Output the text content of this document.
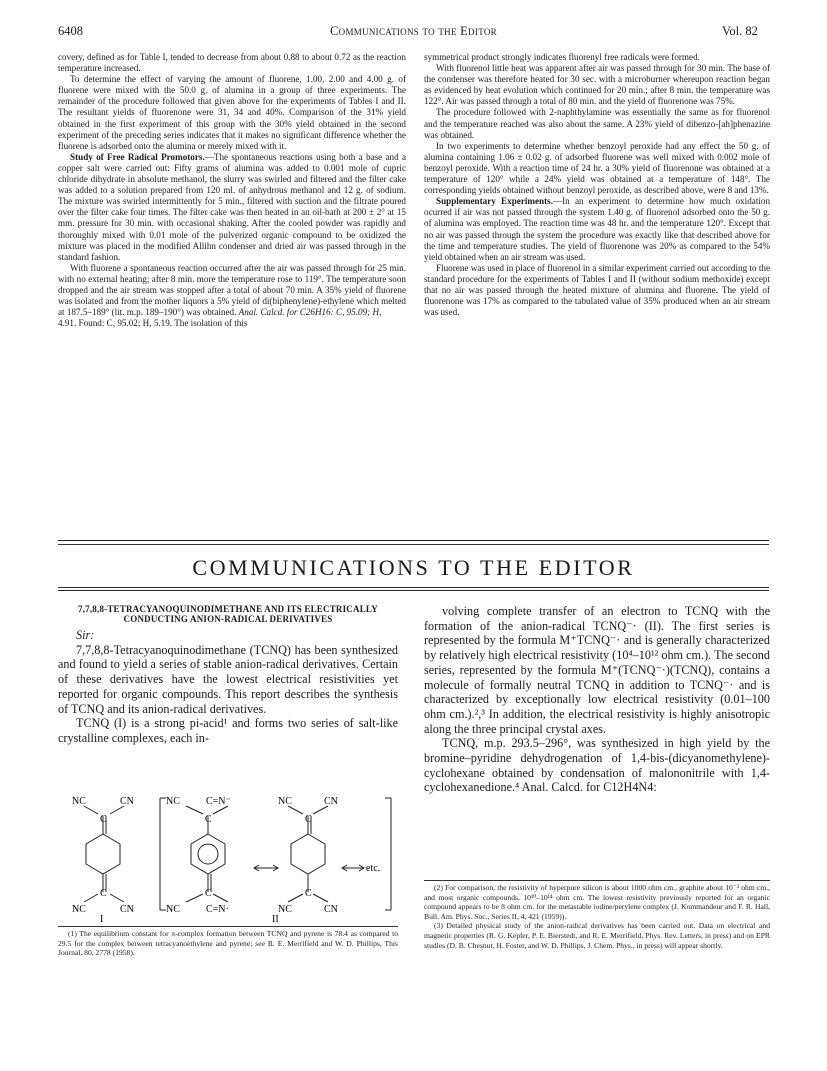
6408	Communications to the Editor	Vol. 82

covery, defined as for Table I, tended to decrease from about 0.88 to about 0.72 as the reaction temperature increased.

To determine the effect of varying the amount of fluorene, 1.00, 2.00 and 4.00 g. of fluorene were mixed with the 50.0 g. of alumina in a group of three experiments. The remainder of the procedure followed that given above for the experiments of Tables I and II. The resultant yields of fluorenone were 31, 34 and 40%. Comparison of the 31% yield obtained in the first experiment of this group with the 30% yield obtained in the second experiment of the preceding series indicates that it makes no significant difference whether the fluorene is adsorbed onto the alumina or merely mixed with it.

Study of Free Radical Promotors.—The spontaneous reactions using both a base and a copper salt were carried out: Fifty grams of alumina was added to 0.001 mole of cupric chloride dihydrate in absolute methanol, the slurry was swirled and filtered and the filter cake was added to a solution prepared from 120 ml. of anhydrous methanol and 12 g. of sodium. The mixture was swirled intermittently for 5 min., filtered with suction and the filtrate poured over the filter cake four times. The filter cake was then heated in an oil-bath at 200 ± 2° at 15 mm. pressure for 30 min. with occasional shaking. After the cooled powder was rapidly and thoroughly mixed with 0.01 mole of the pulverized organic compound to be oxidized the mixture was placed in the modified Allihn condenser and dried air was passed through in the standard fashion.

With fluorene a spontaneous reaction occurred after the air was passed through for 25 min. with no external heating; after 8 min. more the temperature rose to 119°. The temperature soon dropped and the air stream was stopped after a total of about 70 min. A 35% yield of fluorene was isolated and from the mother liquors a 5% yield of di(biphenylene)-ethylene which melted at 187.5–189° (lit. m.p. 189–190°) was obtained. Anal. Calcd. for C26H16: C, 95.09; H,

4.91. Found: C, 95.02; H, 5.19. The isolation of this

symmetrical product strongly indicates fluorenyl free radicals were formed.

With fluorenol little heat was apparent after air was passed through for 30 min. The base of the condenser was therefore heated for 30 sec. with a microburner whereupon reaction began as evidenced by heat evolution which continued for 20 min.; after 8 min. the temperature was 122°. Air was passed through a total of 80 min. and the yield of fluorenone was 75%.

The procedure followed with 2-naphthylamine was essentially the same as for fluorenol and the temperature reached was also about the same. A 23% yield of dibenzo-[ah]phenazine was obtained.

In two experiments to determine whether benzoyl peroxide had any effect the 50 g. of alumina containing 1.06 ± 0.02 g. of adsorbed fluorene was well mixed with 0.002 mole of benzoyl peroxide. With a reaction time of 24 hr. a 30% yield of fluorenone was obtained at a temperature of 120° while a 24% yield was obtained at a temperature of 148°. The corresponding yields obtained without benzoyl peroxide, as described above, were 8 and 13%.

Supplementary Experiments.—In an experiment to determine how much oxidation ocurred if air was not passed through the system 1.40 g. of fluorenol adsorbed onto the 50 g. of alumina was employed. The reaction time was 48 hr. and the temperature 120°. Except that no air was passed through the system the procedure was exactly like that described above for the time and temperature studies. The yield of fluorenone was 20% as compared to the 54% yield obtained when an air stream was used.

Fluorene was used in place of fluorenol in a similar experiment carried out according to the standard procedure for the experiments of Tables I and II (without sodium methoxide) except that no air was passed through the heated mixture of alumina and fluorene. The yield of fluorenone was 17% as compared to the tabulated value of 35% produced when an air stream was used.

COMMUNICATIONS TO THE EDITOR
7,7,8,8-TETRACYANOQUINODIMETHANE AND ITS ELECTRICALLY CONDUCTING ANION-RADICAL DERIVATIVES

Sir:

7,7,8,8-Tetracyanoquinodimethane (TCNQ) has been synthesized and found to yield a series of stable anion-radical derivatives. Certain of these derivatives have the lowest electrical resistivities yet reported for organic compounds. This report describes the synthesis of TCNQ and its anion-radical derivatives.

TCNQ (I) is a strong pi-acid¹ and forms two series of salt-like crystalline complexes, each in-

NC	CN
C
C
NC	CN
I
NC	C=N⁻
C
C
NC	C=N·
II
NC	CN
C
C
NC	CN
etc.

(1) The equilibrium constant for π-complex formation between TCNQ and pyrene is 78.4 as compared to 29.5 for the complex between tetracyanoethylene and pyrene; see R. E. Merrifield and W. D. Phillips, This Journal, 80, 2778 (1958).

volving complete transfer of an electron to TCNQ with the formation of the anion-radical TCNQ⁻· (II). The first series is represented by the formula M⁺TCNQ⁻· and is generally characterized by relatively high electrical resistivity (10⁴–10¹² ohm cm.). The second series, represented by the formula M⁺(TCNQ⁻·)(TCNQ), contains a molecule of formally neutral TCNQ in addition to TCNQ⁻· and is characterized by exceptionally low electrical resistivity (0.01–100 ohm cm.).²,³ In addition, the electrical resistivity is highly anisotropic along the three principal crystal axes.

TCNQ, m.p. 293.5–296°, was synthesized in high yield by the bromine–pyridine dehydrogenation of 1,4-bis-(dicyanomethylene)-cyclohexane obtained by condensation of malononitrile with 1,4-cyclohexanedione.⁴ Anal. Calcd. for C12H4N4:

(2) For comparison, the resistivity of hyperpure silicon is about 1000 ohm cm., graphite about 10⁻³ ohm cm., and most organic compounds, 10¹⁰–10¹⁴ ohm cm. The lowest resistivity previously reported for an organic compound appears to be 8 ohm cm. for the metastable iodine/perylene complex (J. Kommandeur and F. R. Hall, Bull. Am. Phys. Soc., Series II, 4, 421 (1959)).

(3) Detailed physical study of the anion-radical derivatives has been carried out. Data on electrical and magnetic properties (R. G. Kepler, P. E. Bierstedt, and R. E. Merrifield, Phys. Rev. Letters, in press) and on EPR studies (D. B. Chesnut, H. Foster, and W. D. Phillips, J. Chem. Phys., in press) will appear shortly.
